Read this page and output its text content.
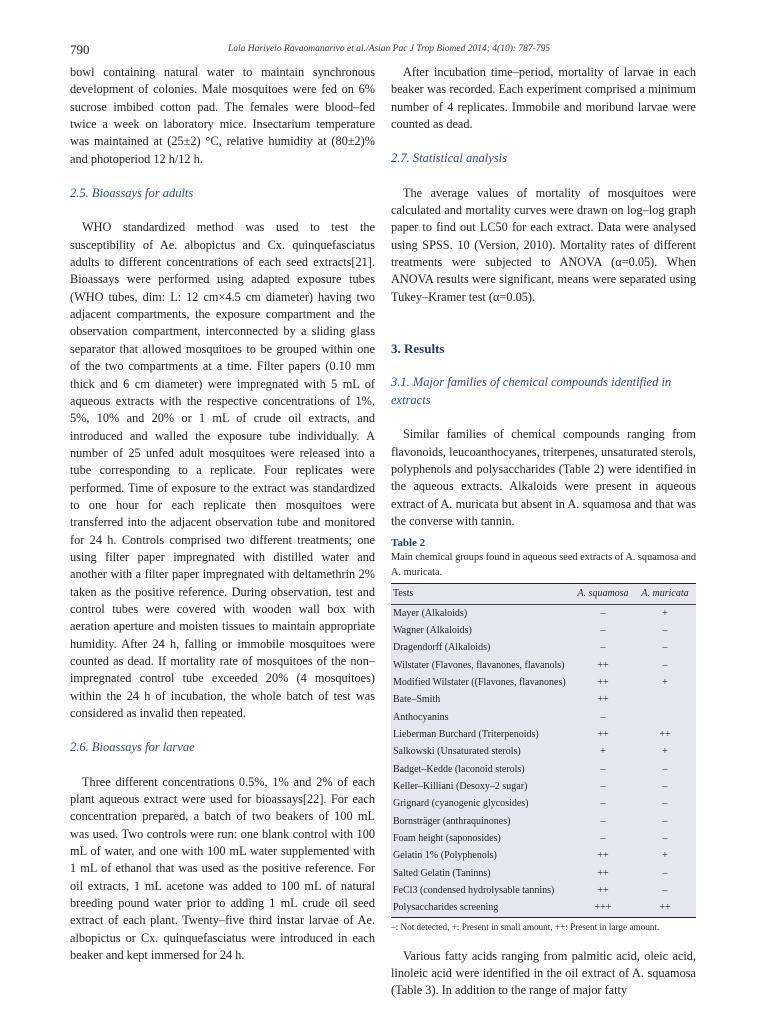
790	Lala Harivelo Ravaomanarivo et al./Asian Pac J Trop Biomed 2014; 4(10): 787-795

bowl containing natural water to maintain synchronous development of colonies. Male mosquitoes were fed on 6% sucrose imbibed cotton pad. The females were blood–fed twice a week on laboratory mice. Insectarium temperature was maintained at (25±2) °C, relative humidity at (80±2)% and photoperiod 12 h/12 h.

2.5. Bioassays for adults

WHO standardized method was used to test the susceptibility of Ae. albopictus and Cx. quinquefasciatus adults to different concentrations of each seed extracts[21]. Bioassays were performed using adapted exposure tubes (WHO tubes, dim: L: 12 cm×4.5 cm diameter) having two adjacent compartments, the exposure compartment and the observation compartment, interconnected by a sliding glass separator that allowed mosquitoes to be grouped within one of the two compartments at a time. Filter papers (0.10 mm thick and 6 cm diameter) were impregnated with 5 mL of aqueous extracts with the respective concentrations of 1%, 5%, 10% and 20% or 1 mL of crude oil extracts, and introduced and walled the exposure tube individually. A number of 25 unfed adult mosquitoes were released into a tube corresponding to a replicate. Four replicates were performed. Time of exposure to the extract was standardized to one hour for each replicate then mosquitoes were transferred into the adjacent observation tube and monitored for 24 h. Controls comprised two different treatments; one using filter paper impregnated with distilled water and another with a filter paper impregnated with deltamethrin 2% taken as the positive reference. During observation, test and control tubes were covered with wooden wall box with aeration aperture and moisten tissues to maintain appropriate humidity. After 24 h, falling or immobile mosquitoes were counted as dead. If mortality rate of mosquitoes of the non–impregnated control tube exceeded 20% (4 mosquitoes) within the 24 h of incubation, the whole batch of test was considered as invalid then repeated.

2.6. Bioassays for larvae

Three different concentrations 0.5%, 1% and 2% of each plant aqueous extract were used for bioassays[22]. For each concentration prepared, a batch of two beakers of 100 mL was used. Two controls were run: one blank control with 100 mL of water, and one with 100 mL water supplemented with 1 mL of ethanol that was used as the positive reference. For oil extracts, 1 mL acetone was added to 100 mL of natural breeding pound water prior to adding 1 mL crude oil seed extract of each plant. Twenty–five third instar larvae of Ae. albopictus or Cx. quinquefasciatus were introduced in each beaker and kept immersed for 24 h.

After incubation time–period, mortality of larvae in each beaker was recorded. Each experiment comprised a minimum number of 4 replicates. Immobile and moribund larvae were counted as dead.

2.7. Statistical analysis

The average values of mortality of mosquitoes were calculated and mortality curves were drawn on log–log graph paper to find out LC50 for each extract. Data were analysed using SPSS. 10 (Version, 2010). Mortality rates of different treatments were subjected to ANOVA (α=0.05). When ANOVA results were significant, means were separated using Tukey–Kramer test (α=0.05).

3. Results
3.1. Major families of chemical compounds identified in extracts

Similar families of chemical compounds ranging from flavonoids, leucoanthocyanes, triterpenes, unsaturated sterols, polyphenols and polysaccharides (Table 2) were identified in the aqueous extracts. Alkaloids were present in aqueous extract of A. muricata but absent in A. squamosa and that was the converse with tannin.

Table 2
Main chemical groups found in aqueous seed extracts of A. squamosa and A. muricata.
Tests	A. squamosa	A. muricata
Mayer (Alkaloids)	–	+
Wagner (Alkaloids)	–	–
Dragendorff (Alkaloids)	–	–
Wilstater (Flavones, flavanones, flavanols)	++	–
Modified Wilstater ((Flavones, flavanones)	++	+
Bate–Smith	++	
Anthocyanins	–	
Lieberman Burchard (Triterpenoids)	++	++
Salkowski (Unsaturated sterols)	+	+
Badget–Kedde (laconoid sterols)	–	–
Keller–Killiani (Desoxy–2 sugar)	–	–
Grignard (cyanogenic glycosides)	–	–
Bornsträger (anthraquinones)	–	–
Foam height (saponosides)	–	–
Gelatin 1% (Polyphenols)	++	+
Salted Gelatin (Taninns)	++	–
FeCl3 (condensed hydrolysable tannins)	++	–
Polysaccharides screening	+++	++
–: Not detected, +: Present in small amount, ++: Present in large amount.

Various fatty acids ranging from palmitic acid, oleic acid, linoleic acid were identified in the oil extract of A. squamosa (Table 3). In addition to the range of major fatty
